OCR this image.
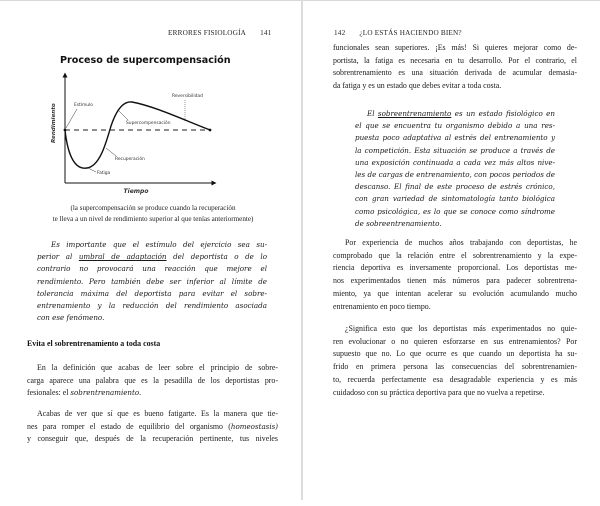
ERRORES FISIOLOGÍA 141
Proceso de supercompensación
Rendimiento
Tiempo
Estímulo
Fatiga
Recuperación
Supercompensación
Reversibilidad
(la supercompensación se produce cuando la recuperación
te lleva a un nivel de rendimiento superior al que tenías anteriormente)
Es importante que el estímulo del ejercicio sea su-
perior al umbral de adaptación del deportista o de lo
contrario no provocará una reacción que mejore el
rendimiento. Pero también debe ser inferior al límite de
tolerancia máxima del deportista para evitar el sobre-
entrenamiento y la reducción del rendimiento asociada
con ese fenómeno.
Evita el sobrentrenamiento a toda costa
En la definición que acabas de leer sobre el principio de sobre-
carga aparece una palabra que es la pesadilla de los deportistas pro-
fesionales: el sobrentrenamiento.
Acabas de ver que sí que es bueno fatigarte. Es la manera que tie-
nes para romper el estado de equilibrio del organismo (homeostasis)
y conseguir que, después de la recuperación pertinente, tus niveles
142 ¿LO ESTÁS HACIENDO BIEN?
funcionales sean superiores. ¡Es más! Si quieres mejorar como de-
portista, la fatiga es necesaria en tu desarrollo. Por el contrario, el
sobrentrenamiento es una situación derivada de acumular demasia-
da fatiga y es un estado que debes evitar a toda costa.
El sobreentrenamiento es un estado fisiológico en
el que se encuentra tu organismo debido a una res-
puesta poco adaptativa al estrés del entrenamiento y
la competición. Esta situación se produce a través de
una exposición continuada a cada vez más altos nive-
les de cargas de entrenamiento, con pocos periodos de
descanso. El final de este proceso de estrés crónico,
con gran variedad de sintomatología tanto biológica
como psicológica, es lo que se conoce como síndrome
de sobreentrenamiento.
Por experiencia de muchos años trabajando con deportistas, he
comprobado que la relación entre el sobrentrenamiento y la expe-
riencia deportiva es inversamente proporcional. Los deportistas me-
nos experimentados tienen más números para padecer sobrentrena-
miento, ya que intentan acelerar su evolución acumulando mucho
entrenamiento en poco tiempo.
¿Significa esto que los deportistas más experimentados no quie-
ren evolucionar o no quieren esforzarse en sus entrenamientos? Por
supuesto que no. Lo que ocurre es que cuando un deportista ha su-
frido en primera persona las consecuencias del sobrentrenamien-
to, recuerda perfectamente esa desagradable experiencia y es más
cuidadoso con su práctica deportiva para que no vuelva a repetirse.
